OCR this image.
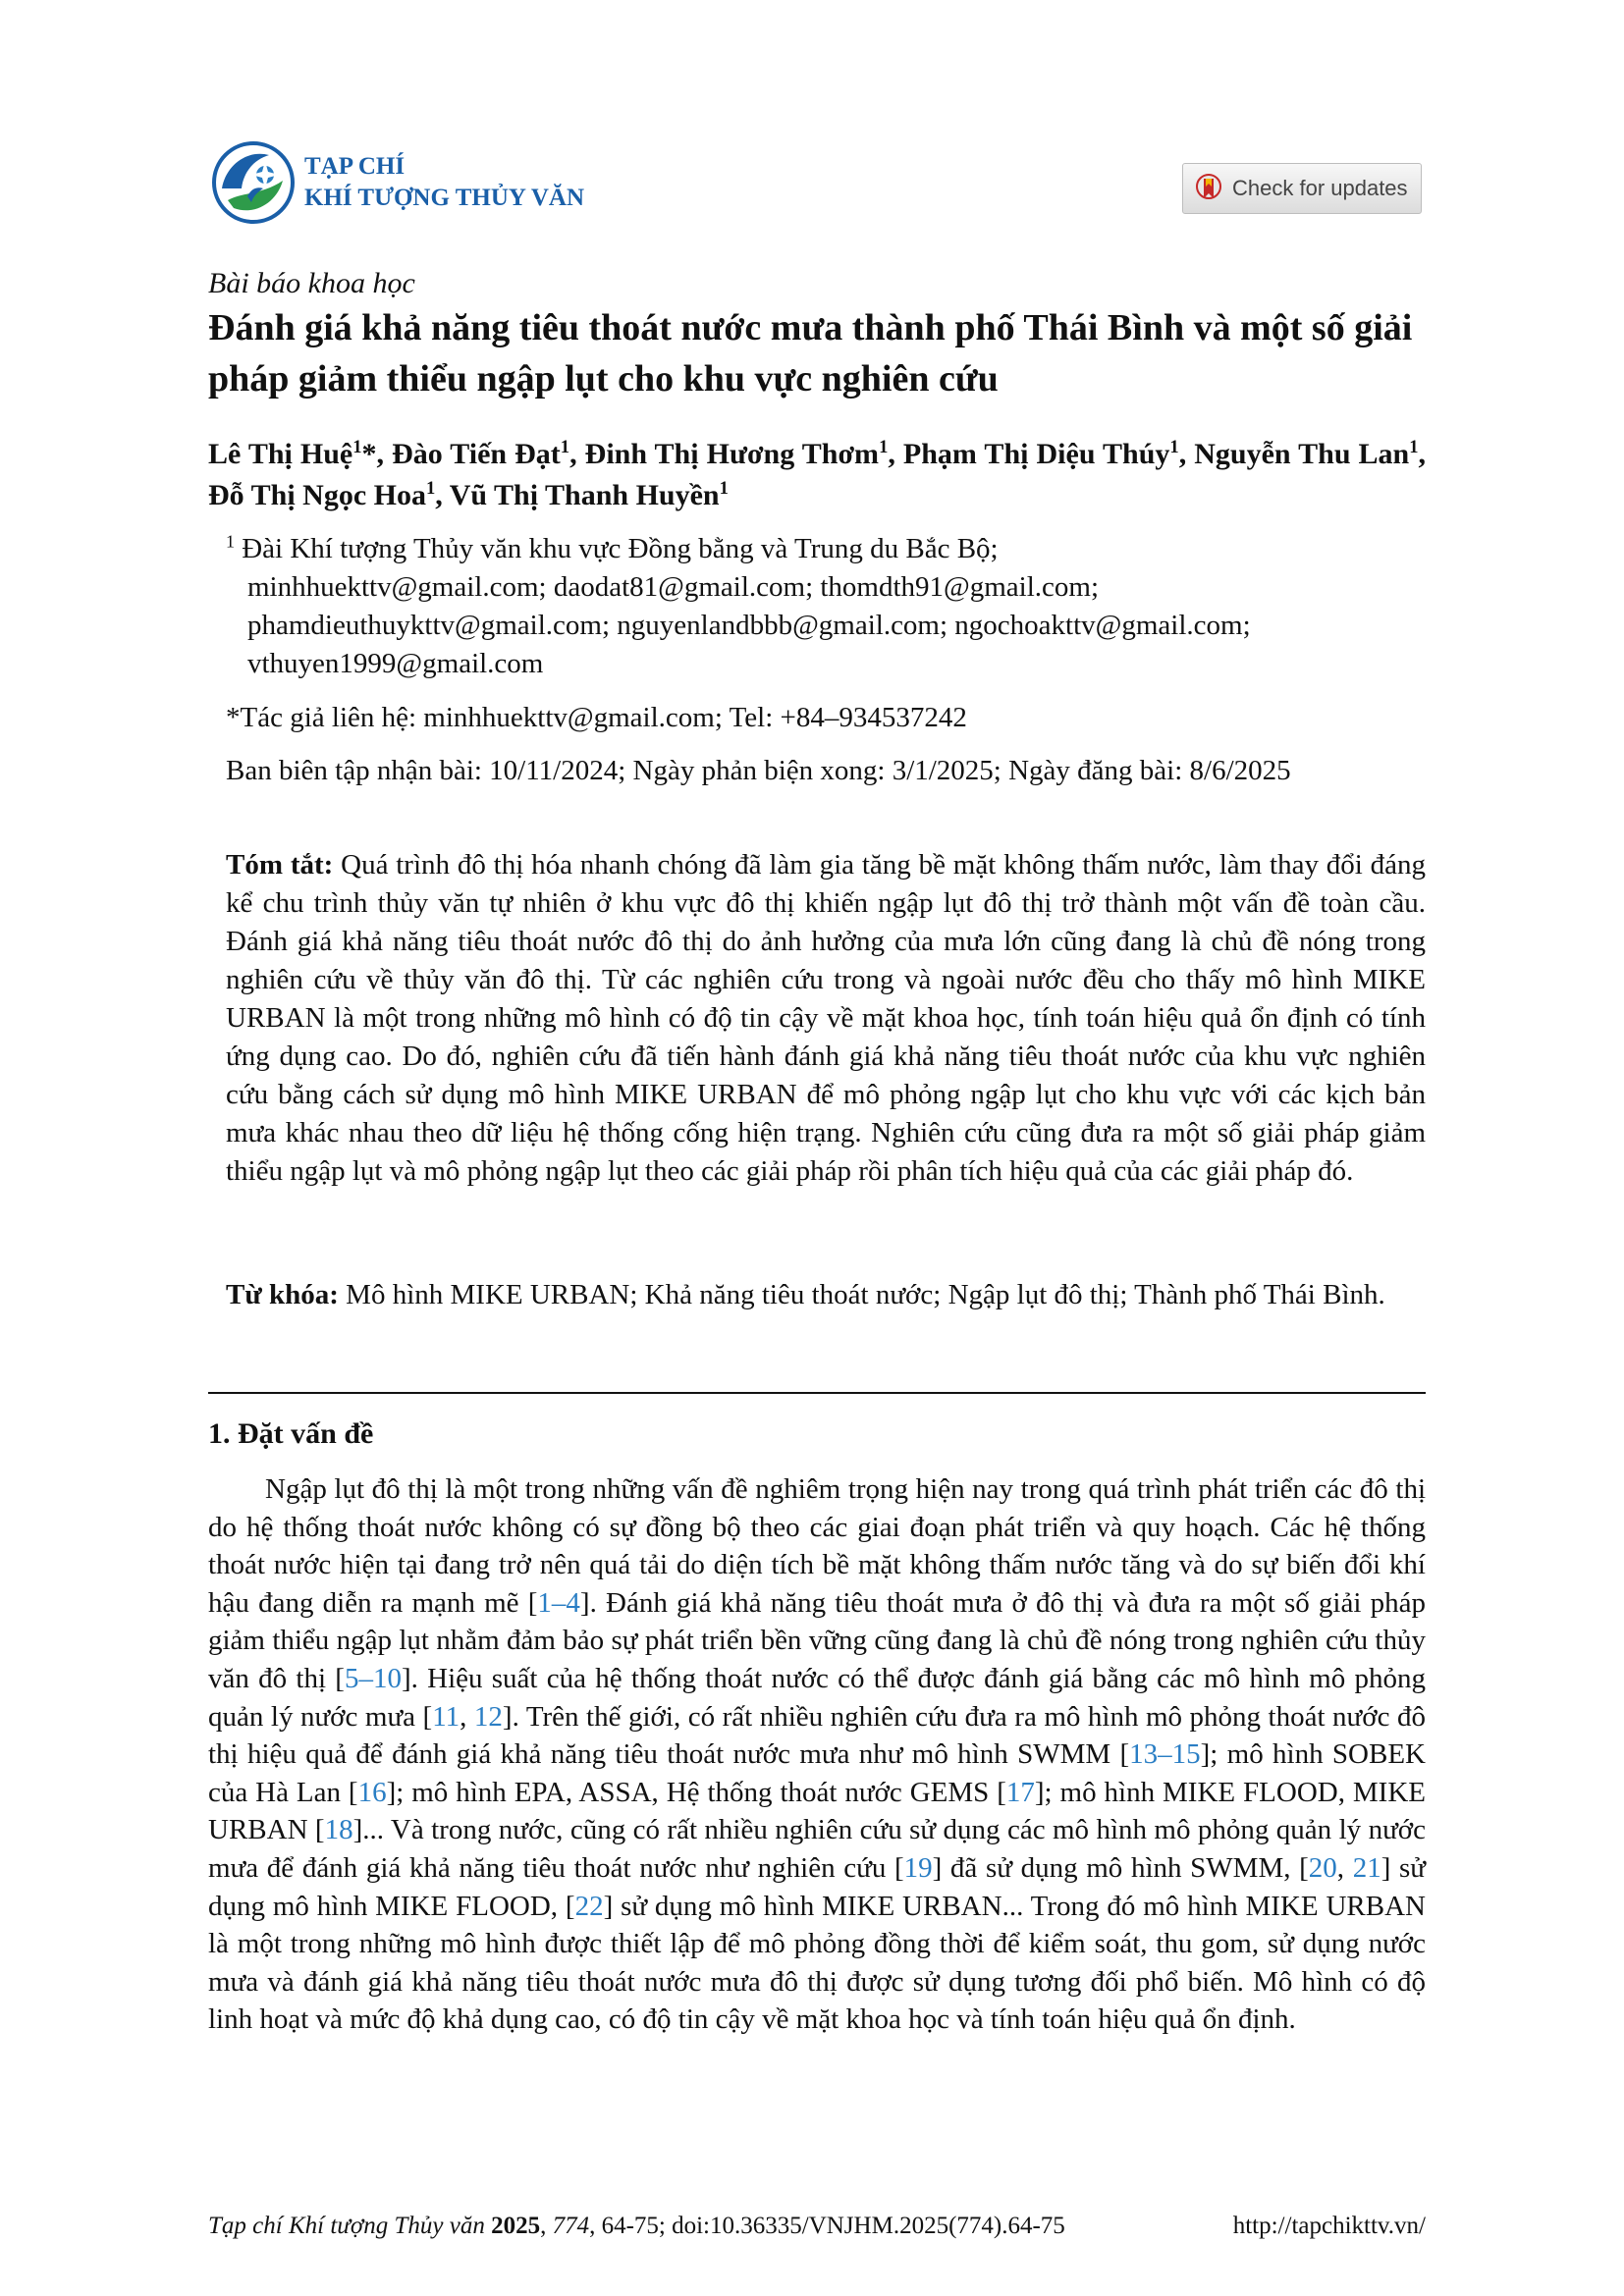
TẠP CHÍ
KHÍ TƯỢNG THỦY VĂN	Check for updates
Bài báo khoa học
Đánh giá khả năng tiêu thoát nước mưa thành phố Thái Bình và một số giải pháp giảm thiểu ngập lụt cho khu vực nghiên cứu
Lê Thị Huệ$^1$*, Đào Tiến Đạt$^1$, Đinh Thị Hương Thơm$^1$, Phạm Thị Diệu Thúy$^1$, Nguyễn Thu Lan$^1$, Đỗ Thị Ngọc Hoa$^1$, Vũ Thị Thanh Huyền$^1$
$^1$ Đài Khí tượng Thủy văn khu vực Đồng bằng và Trung du Bắc Bộ;
minhhuekttv@gmail.com; daodat81@gmail.com; thomdth91@gmail.com;
phamdieuthuykttv@gmail.com; nguyenlandbbb@gmail.com; ngochoakttv@gmail.com;
vthuyen1999@gmail.com
*Tác giả liên hệ: minhhuekttv@gmail.com; Tel: +84–934537242
Ban biên tập nhận bài: 10/11/2024; Ngày phản biện xong: 3/1/2025; Ngày đăng bài: 8/6/2025
Tóm tắt: Quá trình đô thị hóa nhanh chóng đã làm gia tăng bề mặt không thấm nước, làm thay đổi đáng kể chu trình thủy văn tự nhiên ở khu vực đô thị khiến ngập lụt đô thị trở thành một vấn đề toàn cầu. Đánh giá khả năng tiêu thoát nước đô thị do ảnh hưởng của mưa lớn cũng đang là chủ đề nóng trong nghiên cứu về thủy văn đô thị. Từ các nghiên cứu trong và ngoài nước đều cho thấy mô hình MIKE URBAN là một trong những mô hình có độ tin cậy về mặt khoa học, tính toán hiệu quả ổn định có tính ứng dụng cao. Do đó, nghiên cứu đã tiến hành đánh giá khả năng tiêu thoát nước của khu vực nghiên cứu bằng cách sử dụng mô hình MIKE URBAN để mô phỏng ngập lụt cho khu vực với các kịch bản mưa khác nhau theo dữ liệu hệ thống cống hiện trạng. Nghiên cứu cũng đưa ra một số giải pháp giảm thiểu ngập lụt và mô phỏng ngập lụt theo các giải pháp rồi phân tích hiệu quả của các giải pháp đó.
Từ khóa: Mô hình MIKE URBAN; Khả năng tiêu thoát nước; Ngập lụt đô thị; Thành phố Thái Bình.
1. Đặt vấn đề

Ngập lụt đô thị là một trong những vấn đề nghiêm trọng hiện nay trong quá trình phát triển các đô thị do hệ thống thoát nước không có sự đồng bộ theo các giai đoạn phát triển và quy hoạch. Các hệ thống thoát nước hiện tại đang trở nên quá tải do diện tích bề mặt không thấm nước tăng và do sự biến đổi khí hậu đang diễn ra mạnh mẽ [1–4]. Đánh giá khả năng tiêu thoát mưa ở đô thị và đưa ra một số giải pháp giảm thiểu ngập lụt nhằm đảm bảo sự phát triển bền vững cũng đang là chủ đề nóng trong nghiên cứu thủy văn đô thị [5–10]. Hiệu suất của hệ thống thoát nước có thể được đánh giá bằng các mô hình mô phỏng quản lý nước mưa [11, 12]. Trên thế giới, có rất nhiều nghiên cứu đưa ra mô hình mô phỏng thoát nước đô thị hiệu quả để đánh giá khả năng tiêu thoát nước mưa như mô hình SWMM [13–15]; mô hình SOBEK của Hà Lan [16]; mô hình EPA, ASSA, Hệ thống thoát nước GEMS [17]; mô hình MIKE FLOOD, MIKE URBAN [18]... Và trong nước, cũng có rất nhiều nghiên cứu sử dụng các mô hình mô phỏng quản lý nước mưa để đánh giá khả năng tiêu thoát nước như nghiên cứu [19] đã sử dụng mô hình SWMM, [20, 21] sử dụng mô hình MIKE FLOOD, [22] sử dụng mô hình MIKE URBAN... Trong đó mô hình MIKE URBAN là một trong những mô hình được thiết lập để mô phỏng đồng thời để kiểm soát, thu gom, sử dụng nước mưa và đánh giá khả năng tiêu thoát nước mưa đô thị được sử dụng tương đối phổ biến. Mô hình có độ linh hoạt và mức độ khả dụng cao, có độ tin cậy về mặt khoa học và tính toán hiệu quả ổn định.

Tạp chí Khí tượng Thủy văn 2025, 774, 64-75; doi:10.36335/VNJHM.2025(774).64-75	http://tapchikttv.vn/
